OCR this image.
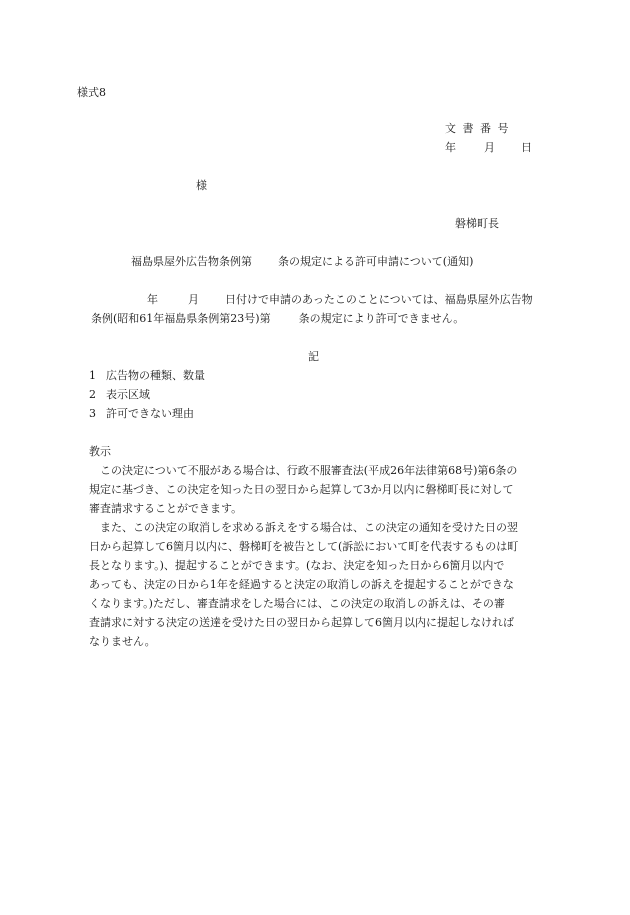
様式8
文書番号
年	月 日
様
磐梯町長
福島県屋外広告物条例第 条の規定による許可申請について(通知)
年	月 日付けで申請のあったこのことについては、福島県屋外広告物
条例(昭和61年福島県条例第23号)第	条の規定により許可できません。
記
1 広告物の種類、数量
2 表示区域
3 許可できない理由
教示
この決定について不服がある場合は、行政不服審査法(平成26年法律第68号)第6条の
規定に基づき、この決定を知った日の翌日から起算して3か月以内に磐梯町長に対して
審査請求することができます。
また、この決定の取消しを求める訴えをする場合は、この決定の通知を受けた日の翌
日から起算して6箇月以内に、磐梯町を被告として(訴訟において町を代表するものは町
長となります。)、提起することができます。(なお、決定を知った日から6箇月以内で
あっても、決定の日から1年を経過すると決定の取消しの訴えを提起することができな
くなります。)ただし、審査請求をした場合には、この決定の取消しの訴えは、その審
査請求に対する決定の送達を受けた日の翌日から起算して6箇月以内に提起しなければ
なりません。
